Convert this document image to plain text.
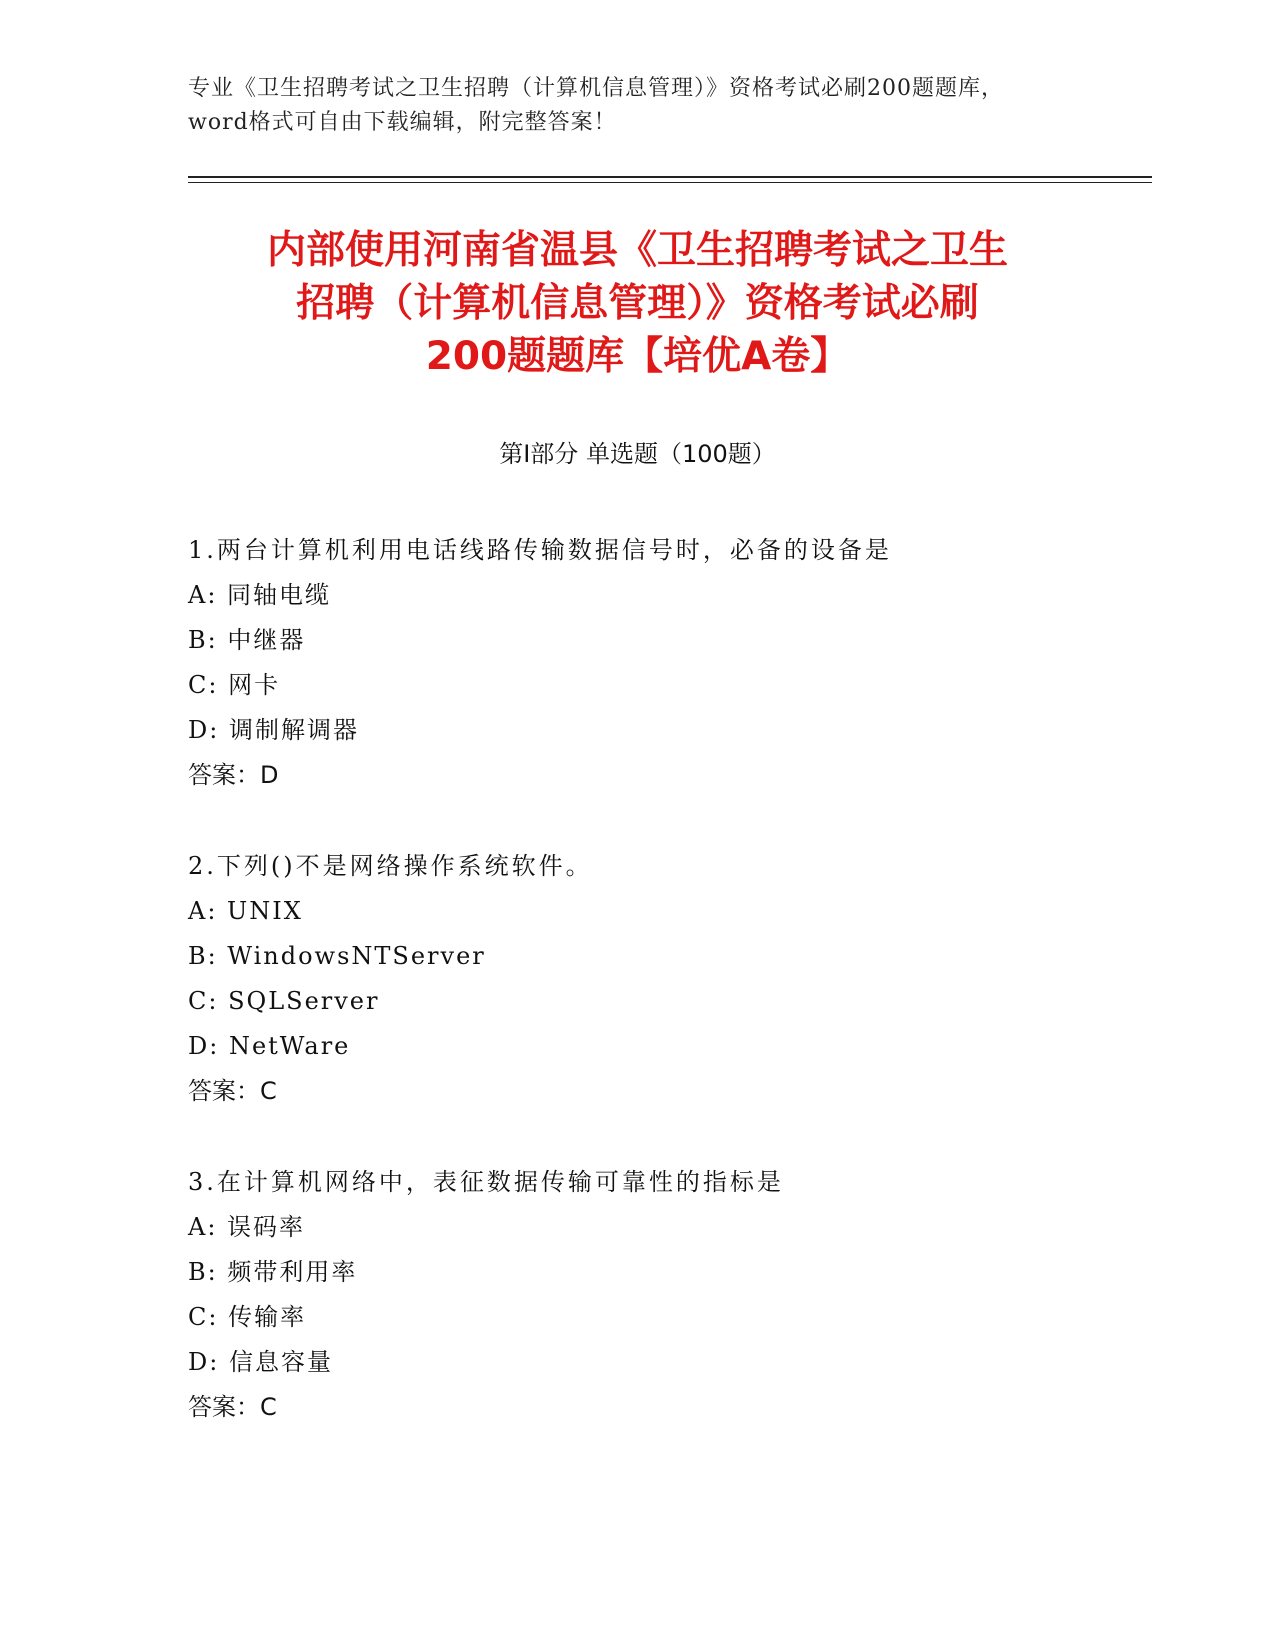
专业《卫生招聘考试之卫生招聘（计算机信息管理）》资格考试必刷200题题库，
word格式可自由下载编辑，附完整答案！
内部使用河南省温县《卫生招聘考试之卫生
招聘（计算机信息管理）》资格考试必刷
200题题库【培优A卷】
第Ⅰ部分 单选题（100题）
1.两台计算机利用电话线路传输数据信号时，必备的设备是
A: 同轴电缆
B: 中继器
C: 网卡
D: 调制解调器
答案：D
2.下列()不是网络操作系统软件。
A: UNIX
B: WindowsNTServer
C: SQLServer
D: NetWare
答案：C
3.在计算机网络中，表征数据传输可靠性的指标是
A: 误码率
B: 频带利用率
C: 传输率
D: 信息容量
答案：C
